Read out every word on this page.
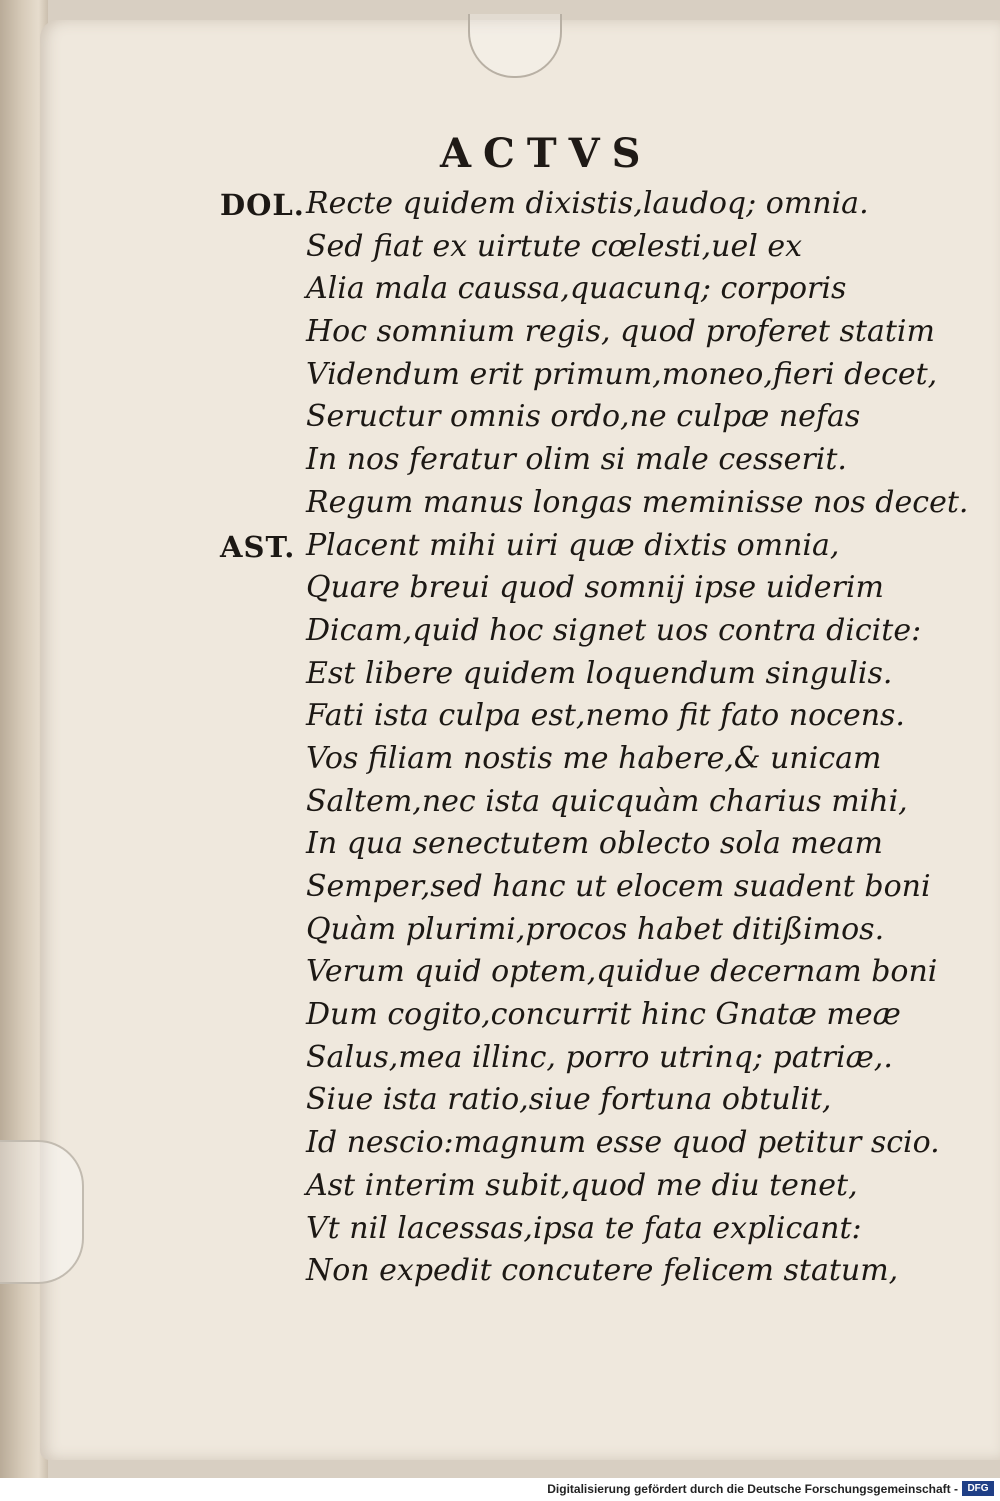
ACTVS
DOL. Recte quidem dixistis,laudoq; omnia.
Sed fiat ex uirtute cœlesti,uel ex
Alia mala caussa,quacunq; corporis
Hoc somnium regis, quod proferet statim
Videndum erit primum,moneo,fieri decet,
Seructur omnis ordo,ne culpæ nefas
In nos feratur olim si male cesserit.
Regum manus longas meminisse nos decet.
AST. Placent mihi uiri quæ dixtis omnia,
Quare breui quod somnij ipse uiderim
Dicam,quid hoc signet uos contra dicite:
Est libere quidem loquendum singulis.
Fati ista culpa est,nemo fit fato nocens.
Vos filiam nostis me habere,& unicam
Saltem,nec ista quicquàm charius mihi,
In qua senectutem oblecto sola meam
Semper,sed hanc ut elocem suadent boni
Quàm plurimi,procos habet ditißimos.
Verum quid optem,quidue decernam boni
Dum cogito,concurrit hinc Gnatæ meæ
Salus,mea illinc, porro utrinq; patriæ,.
Siue ista ratio,siue fortuna obtulit,
Id nescio:magnum esse quod petitur scio.
Ast interim subit,quod me diu tenet,
Vt nil lacessas,ipsa te fata explicant:
Non expedit concutere felicem statum,
Digitalisierung gefördert durch die Deutsche Forschungsgemeinschaft - DFG
